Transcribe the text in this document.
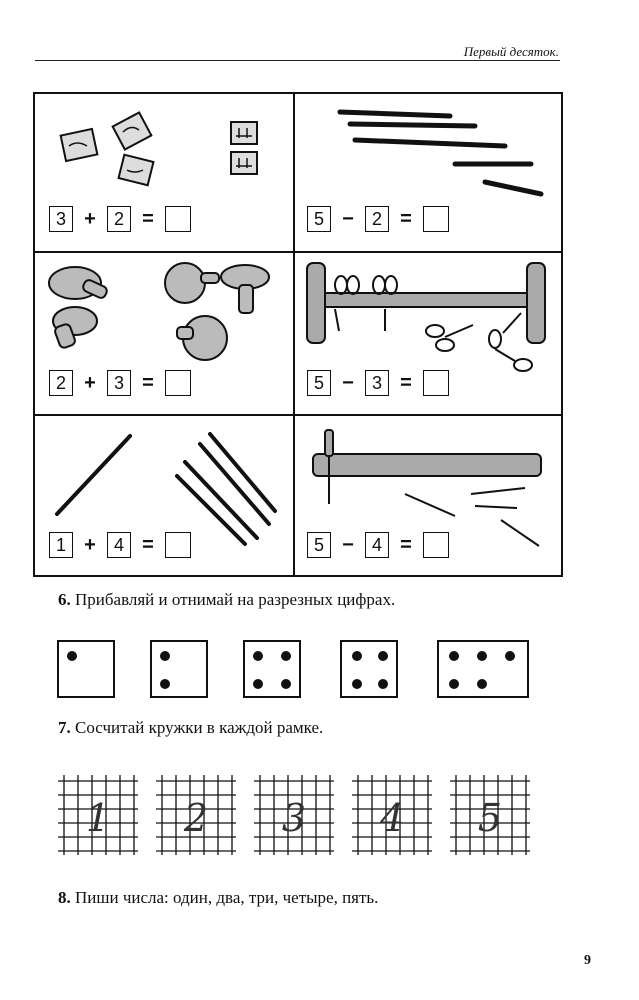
Первый десяток.
3 +	2 =	5 −	2 =
2 +	3 =	5 −	3 =
1 +	4 =	5 −	4 =
6. Прибавляй и отнимай на разрезных цифрах.
7. Сосчитай кружки в каждой рамке.
1 2 3 4 5
8. Пиши числа: один, два, три, четыре, пять.
9
